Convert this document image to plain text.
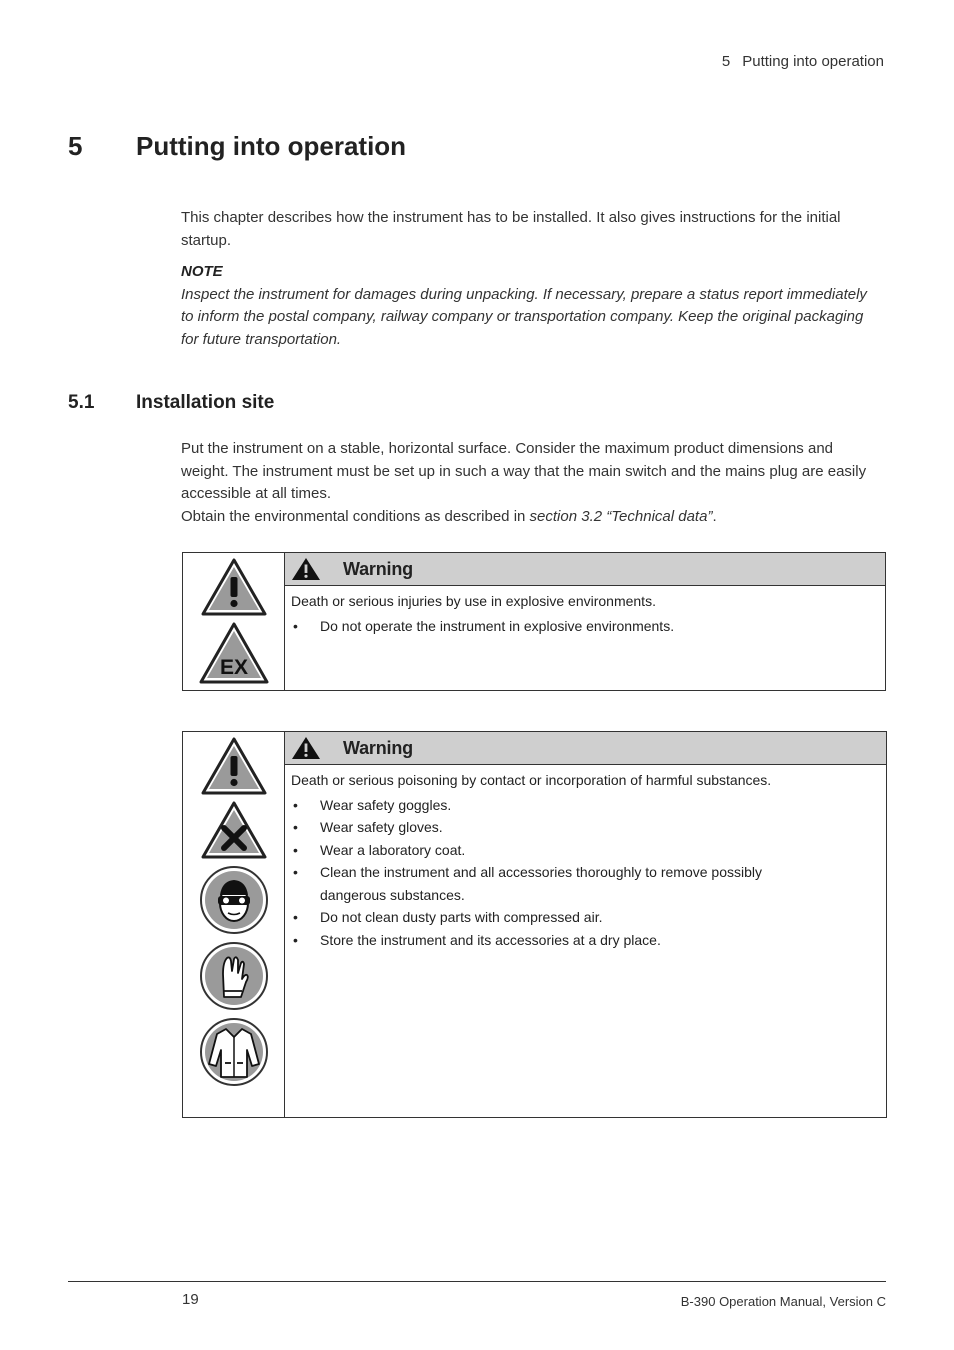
5 Putting into operation
5 Putting into operation

This chapter describes how the instrument has to be installed. It also gives instructions for the initial startup.

NOTE

Inspect the instrument for damages during unpacking. If necessary, prepare a status report immediately to inform the postal company, railway company or transportation company. Keep the original packaging for future transportation.

5.1 Installation site

Put the instrument on a stable, horizontal surface. Consider the maximum product dimensions and weight. The instrument must be set up in such a way that the main switch and the mains plug are easily accessible at all times.

Obtain the environmental conditions as described in section 3.2 “Technical data”.

EX
Warning
Death or serious injuries by use in explosive environments.
• Do not operate the instrument in explosive environments.
Warning
Death or serious poisoning by contact or incorporation of harmful substances.
• Wear safety goggles.
• Wear safety gloves.
• Wear a laboratory coat.
• Clean the instrument and all accessories thoroughly to remove possibly dangerous substances.
• Do not clean dusty parts with compressed air.
• Store the instrument and its accessories at a dry place.
19	B-390 Operation Manual, Version C
